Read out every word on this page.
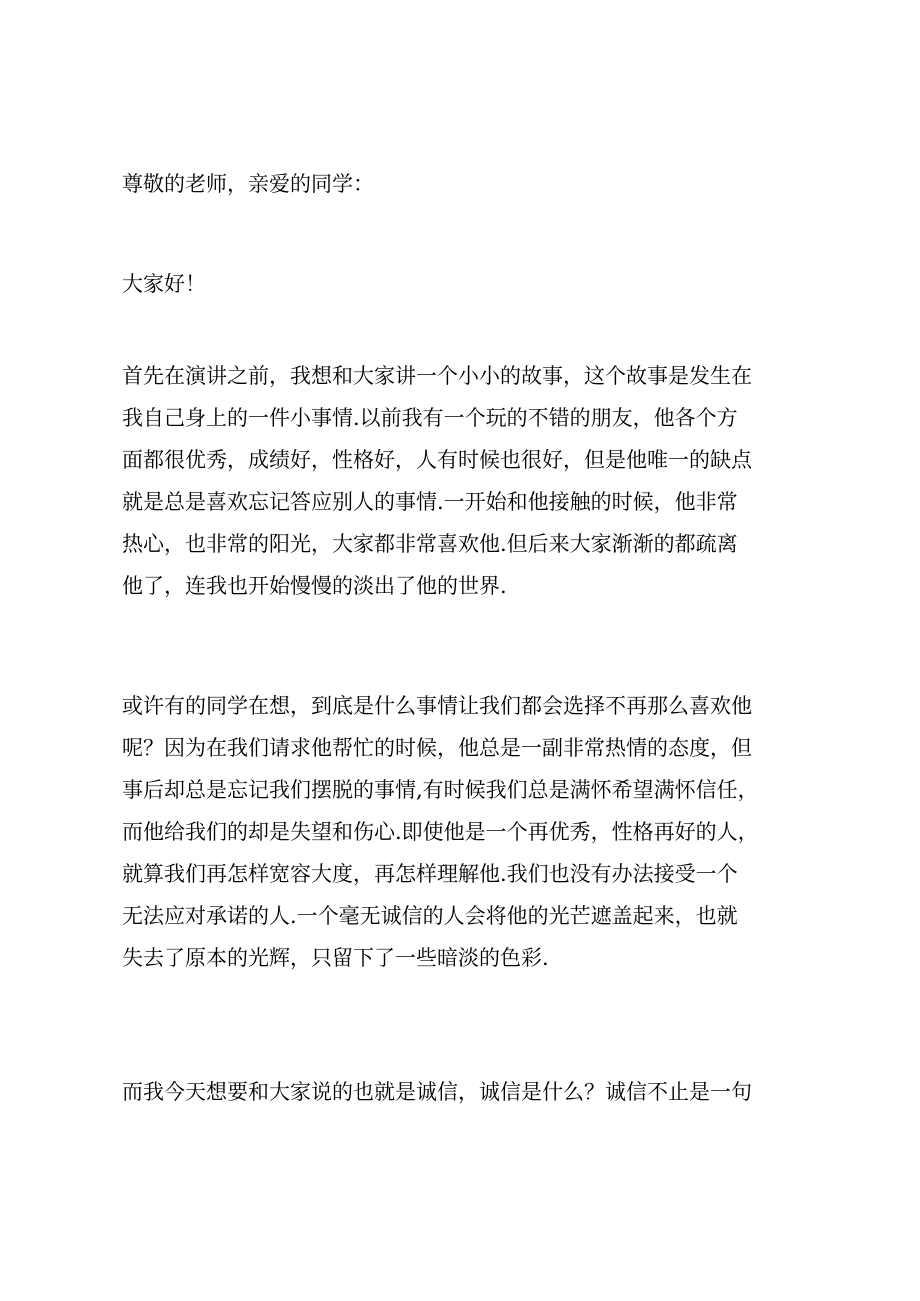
尊敬的老师，亲爱的同学：

大家好！

首先在演讲之前，我想和大家讲一个小小的故事，这个故事是发生在
我自己身上的一件小事情.以前我有一个玩的不错的朋友，他各个方
面都很优秀，成绩好，性格好，人有时候也很好，但是他唯一的缺点
就是总是喜欢忘记答应别人的事情.一开始和他接触的时候，他非常
热心，也非常的阳光，大家都非常喜欢他.但后来大家渐渐的都疏离
他了，连我也开始慢慢的淡出了他的世界.

或许有的同学在想，到底是什么事情让我们都会选择不再那么喜欢他
呢？因为在我们请求他帮忙的时候，他总是一副非常热情的态度，但
事后却总是忘记我们摆脱的事情,有时候我们总是满怀希望满怀信任，
而他给我们的却是失望和伤心.即使他是一个再优秀，性格再好的人，
就算我们再怎样宽容大度，再怎样理解他.我们也没有办法接受一个
无法应对承诺的人.一个毫无诚信的人会将他的光芒遮盖起来，也就
失去了原本的光辉，只留下了一些暗淡的色彩.

而我今天想要和大家说的也就是诚信，诚信是什么？诚信不止是一句
